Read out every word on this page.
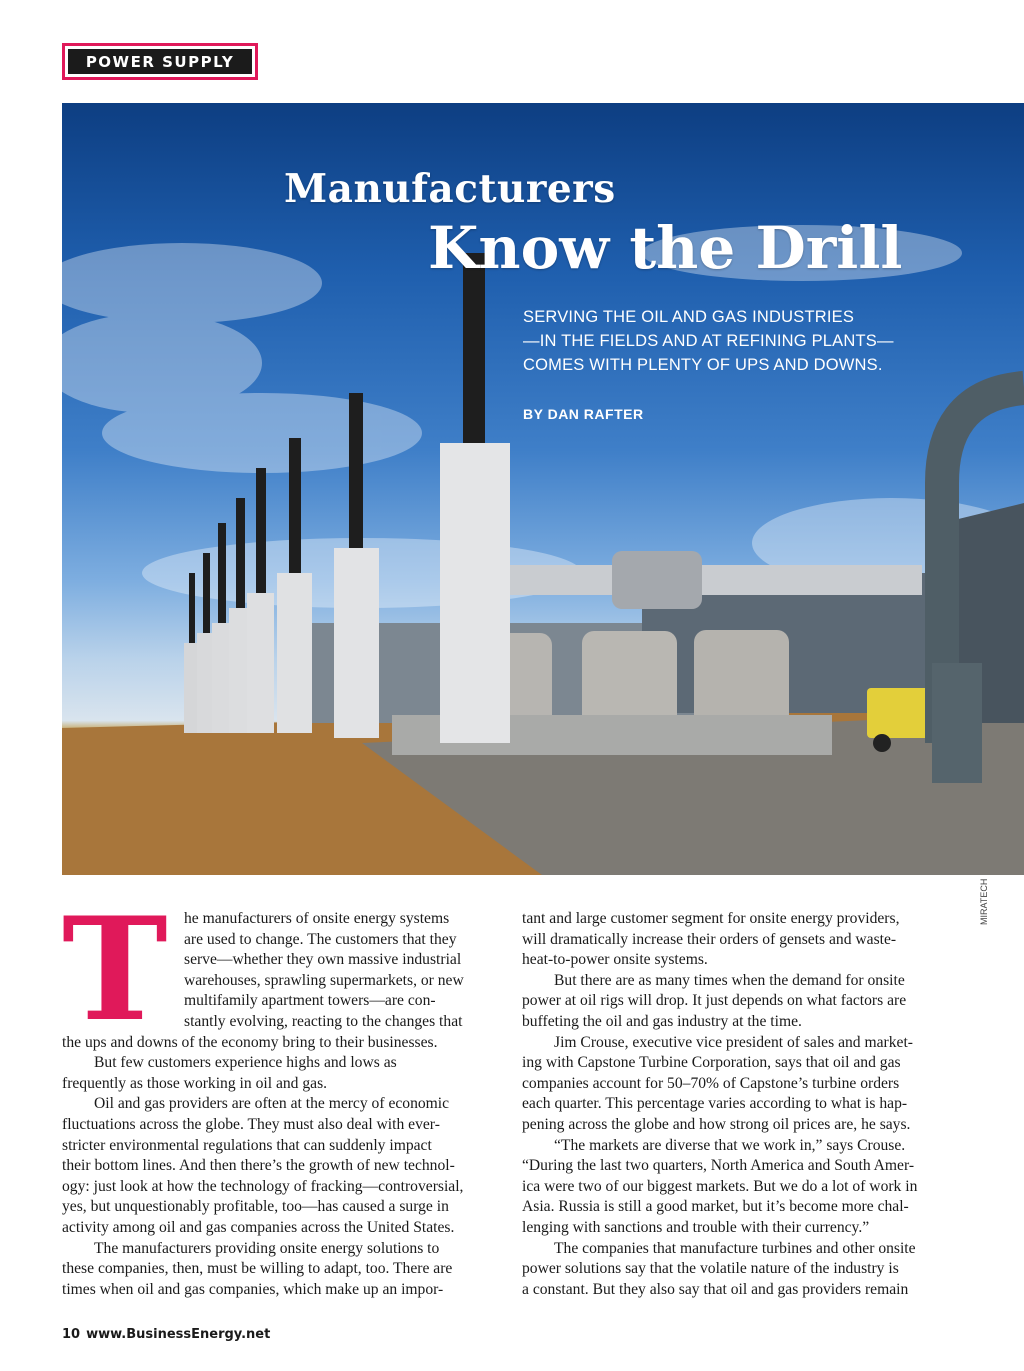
POWER SUPPLY
Manufacturers
Know the Drill
SERVING THE OIL AND GAS INDUSTRIES
—IN THE FIELDS AND AT REFINING PLANTS—
COMES WITH PLENTY OF UPS AND DOWNS.
BY DAN RAFTER
MIRATECH
T	he manufacturers of onsite energy systems
are used to change. The customers that they
serve—whether they own massive industrial
warehouses, sprawling supermarkets, or new
multifamily apartment towers—are con-
stantly evolving, reacting to the changes that
the ups and downs of the economy bring to their businesses.
But few customers experience highs and lows as
frequently as those working in oil and gas.
Oil and gas providers are often at the mercy of economic
fluctuations across the globe. They must also deal with ever-
stricter environmental regulations that can suddenly impact
their bottom lines. And then there’s the growth of new technol-
ogy: just look at how the technology of fracking—controversial,
yes, but unquestionably profitable, too—has caused a surge in
activity among oil and gas companies across the United States.
The manufacturers providing onsite energy solutions to
these companies, then, must be willing to adapt, too. There are
times when oil and gas companies, which make up an impor-
tant and large customer segment for onsite energy providers,
will dramatically increase their orders of gensets and waste-
heat-to-power onsite systems.
But there are as many times when the demand for onsite
power at oil rigs will drop. It just depends on what factors are
buffeting the oil and gas industry at the time.
Jim Crouse, executive vice president of sales and market-
ing with Capstone Turbine Corporation, says that oil and gas
companies account for 50–70% of Capstone’s turbine orders
each quarter. This percentage varies according to what is hap-
pening across the globe and how strong oil prices are, he says.
“The markets are diverse that we work in,” says Crouse.
“During the last two quarters, North America and South Amer-
ica were two of our biggest markets. But we do a lot of work in
Asia. Russia is still a good market, but it’s become more chal-
lenging with sanctions and trouble with their currency.”
The companies that manufacture turbines and other onsite
power solutions say that the volatile nature of the industry is
a constant. But they also say that oil and gas providers remain
10 www.BusinessEnergy.net
